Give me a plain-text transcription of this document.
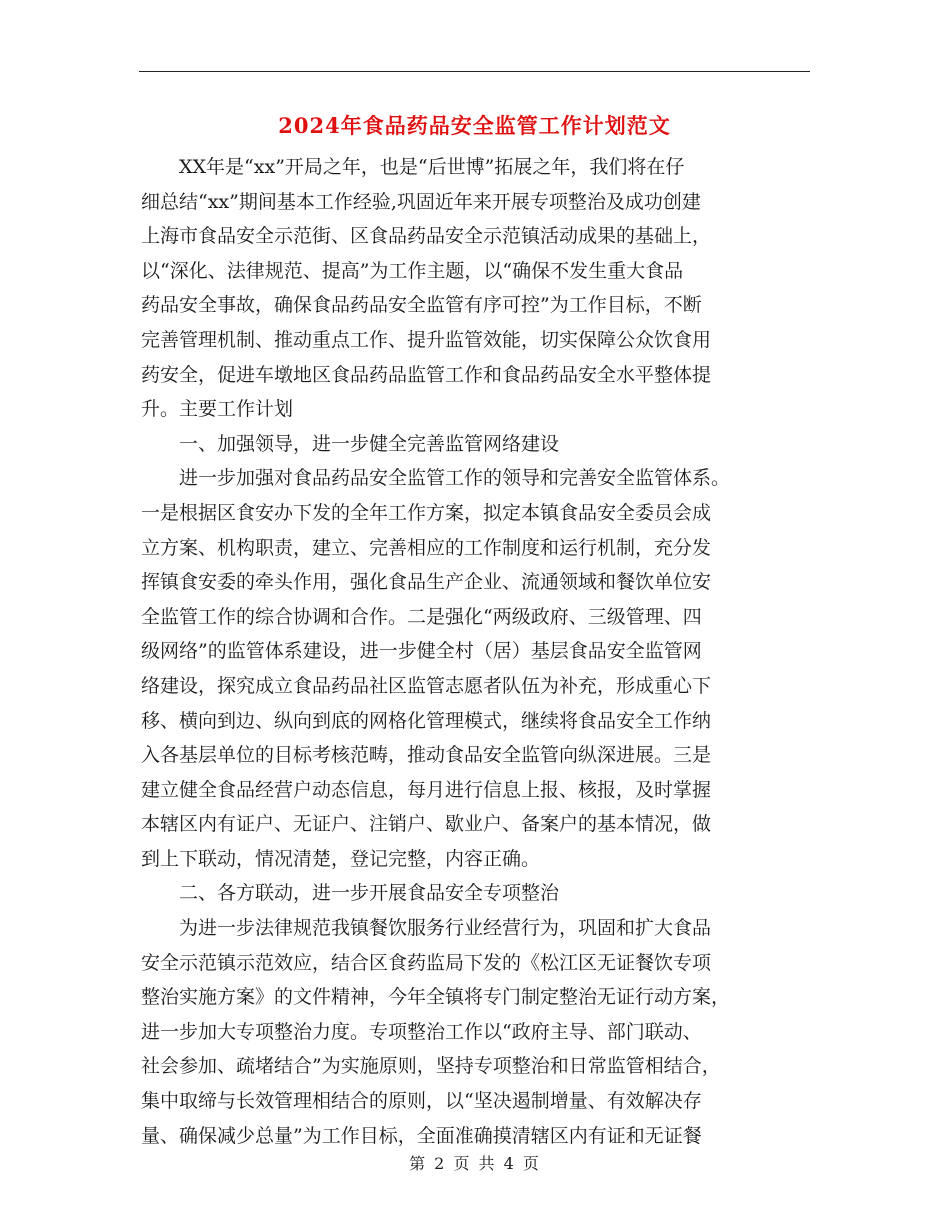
2024年食品药品安全监管工作计划范文
　　XX年是“xx”开局之年，也是“后世博”拓展之年，我们将在仔
细总结“xx”期间基本工作经验,巩固近年来开展专项整治及成功创建
上海市食品安全示范街、区食品药品安全示范镇活动成果的基础上，
以“深化、法律规范、提高”为工作主题，以“确保不发生重大食品
药品安全事故，确保食品药品安全监管有序可控”为工作目标，不断
完善管理机制、推动重点工作、提升监管效能，切实保障公众饮食用
药安全，促进车墩地区食品药品监管工作和食品药品安全水平整体提
升。主要工作计划
　　一、加强领导，进一步健全完善监管网络建设
　　进一步加强对食品药品安全监管工作的领导和完善安全监管体系。
一是根据区食安办下发的全年工作方案，拟定本镇食品安全委员会成
立方案、机构职责，建立、完善相应的工作制度和运行机制，充分发
挥镇食安委的牵头作用，强化食品生产企业、流通领域和餐饮单位安
全监管工作的综合协调和合作。二是强化“两级政府、三级管理、四
级网络”的监管体系建设，进一步健全村（居）基层食品安全监管网
络建设，探究成立食品药品社区监管志愿者队伍为补充，形成重心下
移、横向到边、纵向到底的网格化管理模式，继续将食品安全工作纳
入各基层单位的目标考核范畴，推动食品安全监管向纵深进展。三是
建立健全食品经营户动态信息，每月进行信息上报、核报，及时掌握
本辖区内有证户、无证户、注销户、歇业户、备案户的基本情况，做
到上下联动，情况清楚，登记完整，内容正确。
　　二、各方联动，进一步开展食品安全专项整治
　　为进一步法律规范我镇餐饮服务行业经营行为，巩固和扩大食品
安全示范镇示范效应，结合区食药监局下发的《松江区无证餐饮专项
整治实施方案》的文件精神，今年全镇将专门制定整治无证行动方案，
进一步加大专项整治力度。专项整治工作以“政府主导、部门联动、
社会参加、疏堵结合”为实施原则，坚持专项整治和日常监管相结合，
集中取缔与长效管理相结合的原则，以“坚决遏制增量、有效解决存
量、确保减少总量”为工作目标，全面准确摸清辖区内有证和无证餐
第 2 页 共 4 页
